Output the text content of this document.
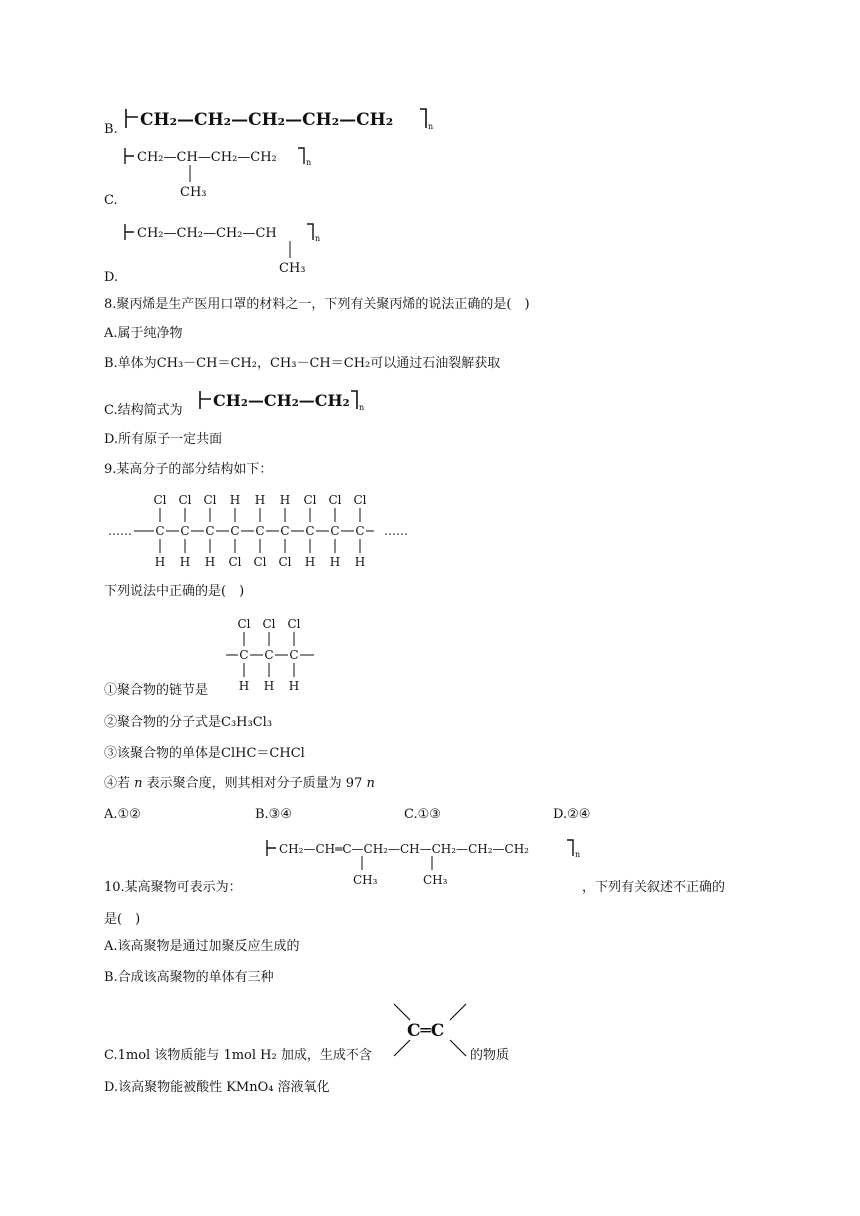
B. CH₂—CH₂—CH₂—CH₂—CH₂	n
CH₂—CH—CH₂—CH₂
CH₃
n
C.
CH₂—CH₂—CH₂—CH
CH₃
n
D.
8.聚丙烯是生产医用口罩的材料之一，下列有关聚丙烯的说法正确的是(　)
A.属于纯净物
B.单体为CH₃－CH＝CH₂，CH₃－CH＝CH₂可以通过石油裂解获取
C.结构简式为
CH₂—CH₂—CH₂ n
D.所有原子一定共面
9.某高分子的部分结构如下：
……	……
C
Cl
H
C
Cl
H
C
Cl
H
C
H
Cl
C
H
Cl
C
H
Cl
C
Cl
H
C
Cl
H
C
Cl
H
下列说法中正确的是(　)
C
Cl
H
C
Cl
H
C
Cl
H
①聚合物的链节是
②聚合物的分子式是C₃H₃Cl₃
③该聚合物的单体是ClHC＝CHCl
④若 n 表示聚合度，则其相对分子质量为 97 n
A.①②	B.③④	C.①③	D.②④
CH₂—CH═C—CH₂—CH—CH₂—CH₂—CH₂
CH₃	CH₃
n
10.某高聚物可表示为：	，下列有关叙述不正确的
是(　)
A.该高聚物是通过加聚反应生成的
B.合成该高聚物的单体有三种
C═C
C.1mol 该物质能与 1mol H₂ 加成，生成不含	的物质
D.该高聚物能被酸性 KMnO₄ 溶液氧化
